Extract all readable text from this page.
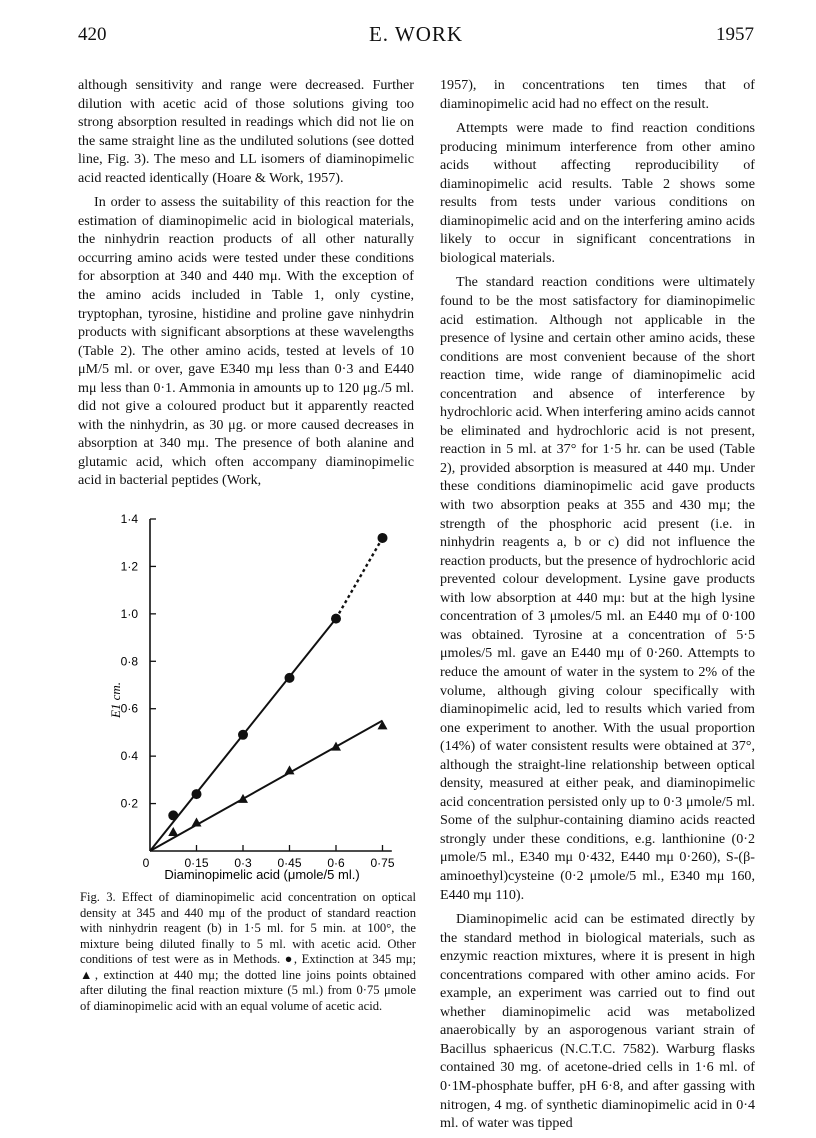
420	E. WORK	1957

although sensitivity and range were decreased. Further dilution with acetic acid of those solutions giving too strong absorption resulted in readings which did not lie on the same straight line as the undiluted solutions (see dotted line, Fig. 3). The meso and LL isomers of diaminopimelic acid reacted identically (Hoare & Work, 1957).

In order to assess the suitability of this reaction for the estimation of diaminopimelic acid in biological materials, the ninhydrin reaction products of all other naturally occurring amino acids were tested under these conditions for absorption at 340 and 440 mμ. With the exception of the amino acids included in Table 1, only cystine, tryptophan, tyrosine, histidine and proline gave ninhydrin products with significant absorptions at these wavelengths (Table 2). The other amino acids, tested at levels of 10 μM/5 ml. or over, gave E340 mμ less than 0·3 and E440 mμ less than 0·1. Ammonia in amounts up to 120 μg./5 ml. did not give a coloured product but it apparently reacted with the ninhydrin, as 30 μg. or more caused decreases in absorption at 340 mμ. The presence of both alanine and glutamic acid, which often accompany diaminopimelic acid in bacterial peptides (Work,

0
0·2
0·4
0·6
0·8
1·0
1·2
1·4
0·15 0·3 0·45 0·6 0·75
E1 cm.
Diaminopimelic acid (μmole/5 ml.)
Fig. 3. Effect of diaminopimelic acid concentration on optical density at 345 and 440 mμ of the product of standard reaction with ninhydrin reagent (b) in 1·5 ml. for 5 min. at 100°, the mixture being diluted finally to 5 ml. with acetic acid. Other conditions of test were as in Methods. ●, Extinction at 345 mμ; ▲, extinction at 440 mμ; the dotted line joins points obtained after diluting the final reaction mixture (5 ml.) from 0·75 μmole of diaminopimelic acid with an equal volume of acetic acid.

1957), in concentrations ten times that of diaminopimelic acid had no effect on the result.

Attempts were made to find reaction conditions producing minimum interference from other amino acids without affecting reproducibility of diaminopimelic acid results. Table 2 shows some results from tests under various conditions on diaminopimelic acid and on the interfering amino acids likely to occur in significant concentrations in biological materials.

The standard reaction conditions were ultimately found to be the most satisfactory for diaminopimelic acid estimation. Although not applicable in the presence of lysine and certain other amino acids, these conditions are most convenient because of the short reaction time, wide range of diaminopimelic acid concentration and absence of interference by hydrochloric acid. When interfering amino acids cannot be eliminated and hydrochloric acid is not present, reaction in 5 ml. at 37° for 1·5 hr. can be used (Table 2), provided absorption is measured at 440 mμ. Under these conditions diaminopimelic acid gave products with two absorption peaks at 355 and 430 mμ; the strength of the phosphoric acid present (i.e. in ninhydrin reagents a, b or c) did not influence the reaction products, but the presence of hydrochloric acid prevented colour development. Lysine gave products with low absorption at 440 mμ: but at the high lysine concentration of 3 μmoles/5 ml. an E440 mμ of 0·100 was obtained. Tyrosine at a concentration of 5·5 μmoles/5 ml. gave an E440 mμ of 0·260. Attempts to reduce the amount of water in the system to 2% of the volume, although giving colour specifically with diaminopimelic acid, led to results which varied from one experiment to another. With the usual proportion (14%) of water consistent results were obtained at 37°, although the straight-line relationship between optical density, measured at either peak, and diaminopimelic acid concentration persisted only up to 0·3 μmole/5 ml. Some of the sulphur-containing diamino acids reacted strongly under these conditions, e.g. lanthionine (0·2 μmole/5 ml., E340 mμ 0·432, E440 mμ 0·260), S-(β-aminoethyl)cysteine (0·2 μmole/5 ml., E340 mμ 160, E440 mμ 110).

Diaminopimelic acid can be estimated directly by the standard method in biological materials, such as enzymic reaction mixtures, where it is present in high concentrations compared with other amino acids. For example, an experiment was carried out to find out whether diaminopimelic acid was metabolized anaerobically by an asporogenous variant strain of Bacillus sphaericus (N.C.T.C. 7582). Warburg flasks contained 30 mg. of acetone-dried cells in 1·6 ml. of 0·1M-phosphate buffer, pH 6·8, and after gassing with nitrogen, 4 mg. of synthetic diaminopimelic acid in 0·4 ml. of water was tipped
